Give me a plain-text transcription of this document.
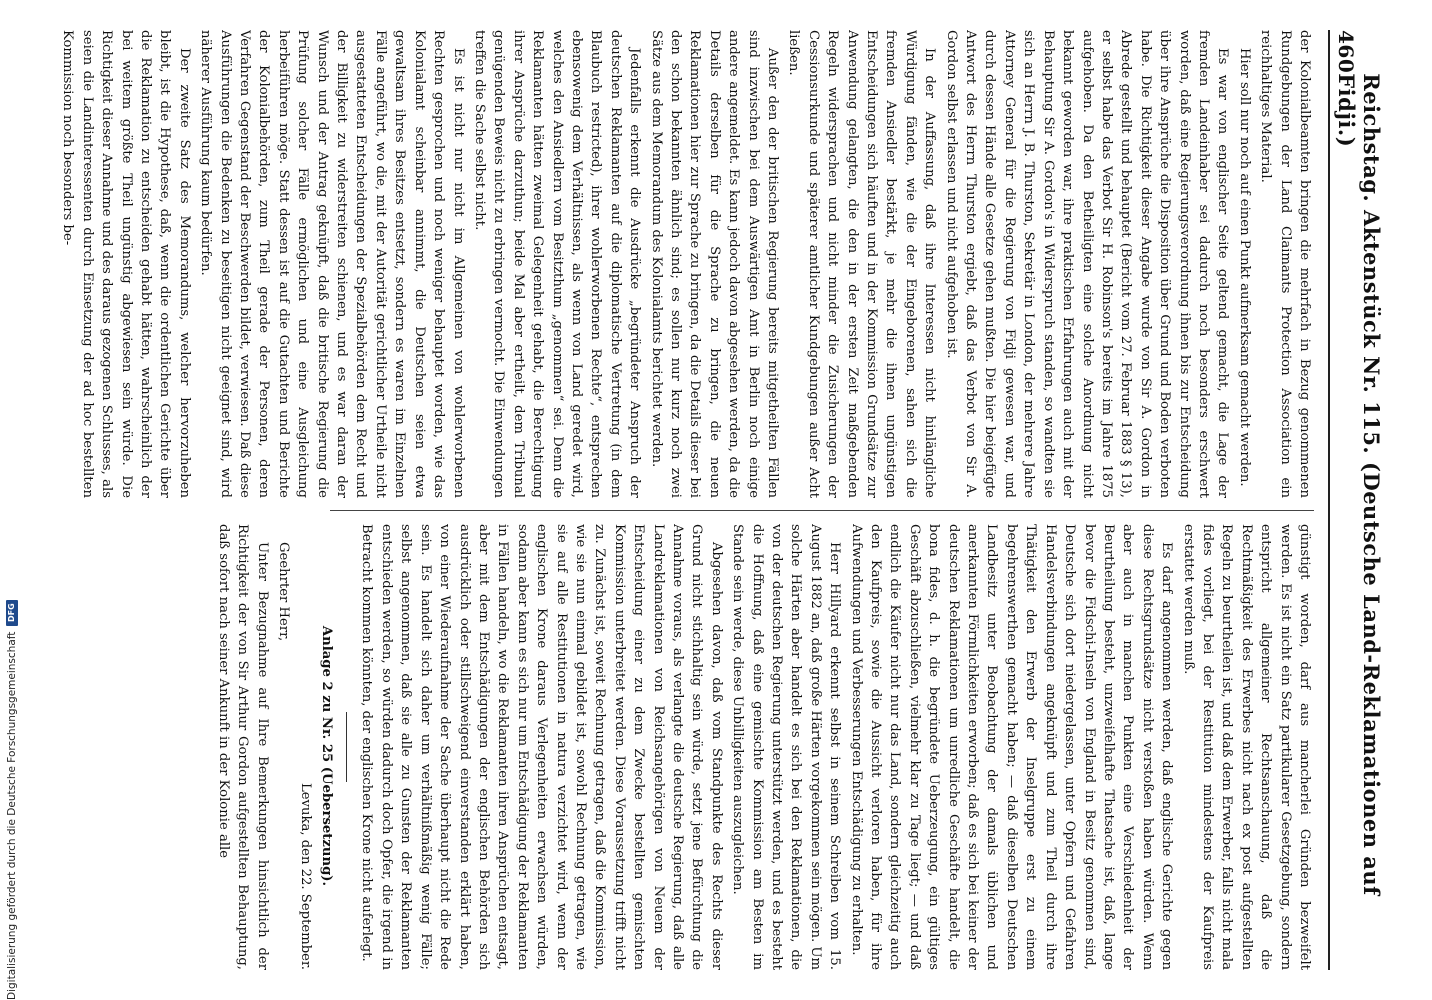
460
Reichstag. Aktenstück Nr. 115. (Deutsche Land-Reklamationen auf Fidji.)

der Kolonialbeamten bringen die mehrfach in Bezug genommenen Rundgebungen der Land Claimants Protection Association ein reichhaltiges Material.

Hier soll nur noch auf einen Punkt aufmerksam gemacht werden.

Es war von englischer Seite geltend gemacht, die Lage der fremden Landeinhaber sei dadurch noch besonders erschwert worden, daß eine Regierungsverordnung ihnen bis zur Entscheidung über ihre Ansprüche die Disposition über Grund und Boden verboten habe. Die Richtigkeit dieser Angabe wurde von Sir A. Gordon in Abrede gestellt und behauptet (Bericht vom 27. Februar 1883 § 13), er selbst habe das Verbot Sir H. Robinson's bereits im Jahre 1875 aufgehoben. Da den Betheiligten eine solche Anordnung nicht bekannt geworden war, ihre praktischen Erfahrungen auch mit der Behauptung Sir A. Gordon's in Widerspruch standen, so wandten sie sich an Herrn J. B. Thurston, Sekretär in London, der mehrere Jahre Attorney General für die Regierung von Fidji gewesen war, und durch dessen Hände alle Gesetze gehen mußten. Die hier beigefügte Antwort des Herrn Thurston ergiebt, daß das Verbot von Sir A. Gordon selbst erlassen und nicht aufgehoben ist.

In der Auffassung, daß ihre Interessen nicht hinlängliche Würdigung fänden, wie die der Eingeborenen, sahen sich die fremden Ansiedler bestärkt, je mehr die ihnen ungünstigen Entscheidungen sich häuften und in der Kommission Grundsätze zur Anwendung gelangten, die den in der ersten Zeit maßgebenden Regeln widersprachen und nicht minder die Zusicherungen der Cessionsurkunde und späterer amtlicher Kundgebungen außer Acht ließen.

Außer den der britischen Regierung bereits mitgetheilten Fällen sind inzwischen bei dem Auswärtigen Amt in Berlin noch einige andere angemeldet. Es kann jedoch davon abgesehen werden, da die Details derselben für die Sprache zu bringen, die neuen Reklamationen hier zur Sprache zu bringen, da die Details dieser bei den schon bekannten ähnlich sind; es sollen nur kurz noch zwei Sätze aus dem Memorandum des Kolonialamts berichtet werden.

Jedenfalls erkennt die Ausdrücke „begründeter Anspruch der deutschen Reklamanten auf die diplomatische Vertretung (in dem Blaubuch restricted), ihrer wohlerworbenen Rechte“, entsprechen ebensowenig dem Verhältnissen, als wenn von Land geredet wird, welches den Ansiedlern vom Besitzthum „genommen“ sei. Denn die Reklamanten hätten zweimal Gelegenheit gehabt, die Berechtigung ihrer Ansprüche darzuthun; beide Mal aber ertheilt, dem Tribunal genügenden Beweis nicht zu erbringen vermocht. Die Einwendungen treffen die Sache selbst nicht.

Es ist nicht nur nicht im Allgemeinen von wohlerworbenen Rechten gesprochen und noch weniger behauptet worden, wie das Kolonialamt scheinbar annimmt, die Deutschen seien etwa gewaltsam ihres Besitzes entsetzt, sondern es waren im Einzelnen Fälle angeführt, wo die, mit der Autorität gerichtlicher Urtheile nicht ausgestatteten Entscheidungen der Spezialbehörden dem Recht und der Billigkeit zu widerstreiten schienen, und es war daran der Wunsch und der Antrag geknüpft, daß die britische Regierung die Prüfung solcher Fälle ermöglichen und eine Ausgleichung herbeiführen möge. Statt dessen ist auf die Gutachten und Berichte der Kolonialbehörden, zum Theil gerade der Personen, deren Verfahren Gegenstand der Beschwerden bildet, verwiesen. Daß diese Ausführungen die Bedenken zu beseitigen nicht geeignet sind, wird näherer Ausführung kaum bedürfen.

Der zweite Satz des Memorandums, welcher hervorzuheben bleibt, ist die Hypothese, daß, wenn die ordentlichen Gerichte über die Reklamation zu entscheiden gehabt hätten, wahrscheinlich der bei weitem größte Theil ungünstig abgewiesen sein würde. Die Richtigkeit dieser Annahme und des daraus gezogenen Schlusses, als seien die Landinteressenten durch Einsetzung der ad hoc bestellten Kommission noch besonders be-

günstigt worden, darf aus mancherlei Gründen bezweifelt werden. Es ist nicht ein Satz partikularer Gesetzgebung, sondern entspricht allgemeiner Rechtsanschauung, daß die Rechtmäßigkeit des Erwerbes nicht nach ex post aufgestellten Regeln zu beurtheilen ist, und daß dem Erwerber, falls nicht mala fides vorliegt, bei der Restitution mindestens der Kaufpreis erstattet werden muß.

Es darf angenommen werden, daß englische Gerichte gegen diese Rechtsgrundsätze nicht verstoßen haben würden. Wenn aber auch in manchen Punkten eine Verschiedenheit der Beurtheilung besteht, unzweifelhafte Thatsache ist, daß, lange bevor die Fidschi-Inseln von England in Besitz genommen sind, Deutsche sich dort niedergelassen, unter Opfern und Gefahren Handelsverbindungen angeknüpft und zum Theil durch ihre Thätigkeit den Erwerb der Inselgruppe erst zu einem begehrenswerthen gemacht haben; — daß dieselben Deutschen Landbesitz unter Beobachtung der damals üblichen und anerkannten Förmlichkeiten erworben; daß es sich bei keiner der deutschen Reklamationen um unredliche Geschäfte handelt, die bona fides, d. h. die begründete Ueberzeugung, ein gültiges Geschäft abzuschließen, vielmehr klar zu Tage liegt; — und daß endlich die Käufer nicht nur das Land, sondern gleichzeitig auch den Kaufpreis, sowie die Aussicht verloren haben, für ihre Aufwendungen und Verbesserungen Entschädigung zu erhalten.

Herr Hillyard erkennt selbst in seinem Schreiben vom 15. August 1882 an, daß große Härten vorgekommen sein mögen. Um solche Härten aber handelt es sich bei den Reklamationen, die von der deutschen Regierung unterstützt werden, und es besteht die Hoffnung, daß eine gemischte Kommission am Besten im Stande sein werde, diese Unbilligkeiten auszugleichen.

Abgesehen davon, daß vom Standpunkte des Rechts dieser Grund nicht stichhaltig sein würde, setzt jene Befürchtung die Annahme voraus, als verlangte die deutsche Regierung, daß alle Landreklamationen von Reichsangehörigen von Neuem der Entscheidung einer zu dem Zwecke bestellten gemischten Kommission unterbreitet werden. Diese Voraussetzung trifft nicht zu. Zunächst ist, soweit Rechnung getragen, daß die Kommission, wie sie nun einmal gebildet ist, sowohl Rechnung getragen, wie sie auf alle Restitutionen in natura verzichtet wird, wenn der englischen Krone daraus Verlegenheiten erwachsen würden, sodann aber kann es sich nur um Entschädigung der Reklamanten in Fällen handeln, wo die Reklamanten ihren Ansprüchen entsagt, aber mit dem Entschädigungen der englischen Behörden sich ausdrücklich oder stillschweigend einverstanden erklärt haben, von einer Wiederaufnahme der Sache überhaupt nicht die Rede sein. Es handelt sich daher um verhältnißmäßig wenig Fälle; selbst angenommen, daß sie alle zu Gunsten der Reklamanten entschieden werden, so würden dadurch doch Opfer, die irgend in Betracht kommen könnten, der englischen Krone nicht auferlegt.

Anlage 2 zu Nr. 25 (Uebersetzung).

Levuka, den 22. September.

Geehrter Herr,

Unter Bezugnahme auf Ihre Bemerkungen hinsichtlich der Richtigkeit der von Sir Arthur Gordon aufgestellten Behauptung, daß sofort nach seiner Ankunft in der Kolonie alle

Digitalisierung gefördert durch die Deutsche Forschungsgemeinschaft
DFG
